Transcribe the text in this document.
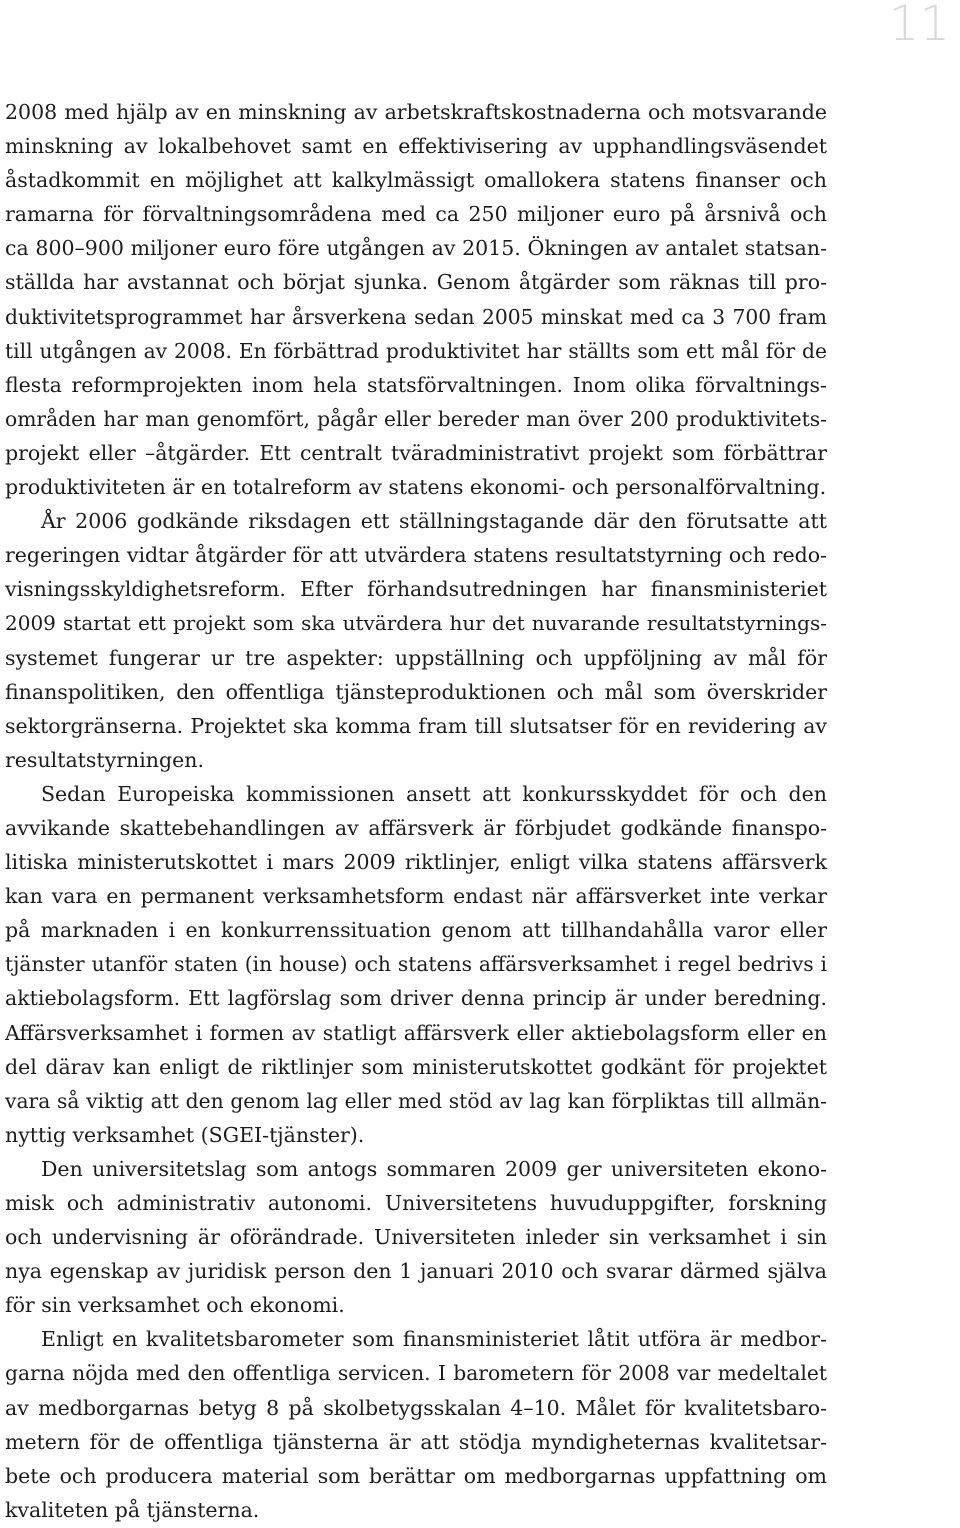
11
2008 med hjälp av en minskning av arbetskraftskostnaderna och motsvarande
minskning av lokalbehovet samt en effektivisering av upphandlingsväsendet
åstadkommit en möjlighet att kalkylmässigt omallokera statens finanser och
ramarna för förvaltningsområdena med ca 250 miljoner euro på årsnivå och
ca 800–900 miljoner euro före utgången av 2015. Ökningen av antalet statsan-
ställda har avstannat och börjat sjunka. Genom åtgärder som räknas till pro-
duktivitetsprogrammet har årsverkena sedan 2005 minskat med ca 3 700 fram
till utgången av 2008. En förbättrad produktivitet har ställts som ett mål för de
flesta reformprojekten inom hela statsförvaltningen. Inom olika förvaltnings-
områden har man genomfört, pågår eller bereder man över 200 produktivitets-
projekt eller –åtgärder. Ett centralt tväradministrativt projekt som förbättrar
produktiviteten är en totalreform av statens ekonomi- och personalförvaltning.
År 2006 godkände riksdagen ett ställningstagande där den förutsatte att
regeringen vidtar åtgärder för att utvärdera statens resultatstyrning och redo-
visningsskyldighetsreform. Efter förhandsutredningen har finansministeriet
2009 startat ett projekt som ska utvärdera hur det nuvarande resultatstyrnings-
systemet fungerar ur tre aspekter: uppställning och uppföljning av mål för
finanspolitiken, den offentliga tjänsteproduktionen och mål som överskrider
sektorgränserna. Projektet ska komma fram till slutsatser för en revidering av
resultatstyrningen.
Sedan Europeiska kommissionen ansett att konkursskyddet för och den
avvikande skattebehandlingen av affärsverk är förbjudet godkände finanspo-
litiska ministerutskottet i mars 2009 riktlinjer, enligt vilka statens affärsverk
kan vara en permanent verksamhetsform endast när affärsverket inte verkar
på marknaden i en konkurrenssituation genom att tillhandahålla varor eller
tjänster utanför staten (in house) och statens affärsverksamhet i regel bedrivs i
aktiebolagsform. Ett lagförslag som driver denna princip är under beredning.
Affärsverksamhet i formen av statligt affärsverk eller aktiebolagsform eller en
del därav kan enligt de riktlinjer som ministerutskottet godkänt för projektet
vara så viktig att den genom lag eller med stöd av lag kan förpliktas till allmän-
nyttig verksamhet (SGEI-tjänster).
Den universitetslag som antogs sommaren 2009 ger universiteten ekono-
misk och administrativ autonomi. Universitetens huvuduppgifter, forskning
och undervisning är oförändrade. Universiteten inleder sin verksamhet i sin
nya egenskap av juridisk person den 1 januari 2010 och svarar därmed själva
för sin verksamhet och ekonomi.
Enligt en kvalitetsbarometer som finansministeriet låtit utföra är medbor-
garna nöjda med den offentliga servicen. I barometern för 2008 var medeltalet
av medborgarnas betyg 8 på skolbetygsskalan 4–10. Målet för kvalitetsbaro-
metern för de offentliga tjänsterna är att stödja myndigheternas kvalitetsar-
bete och producera material som berättar om medborgarnas uppfattning om
kvaliteten på tjänsterna.
